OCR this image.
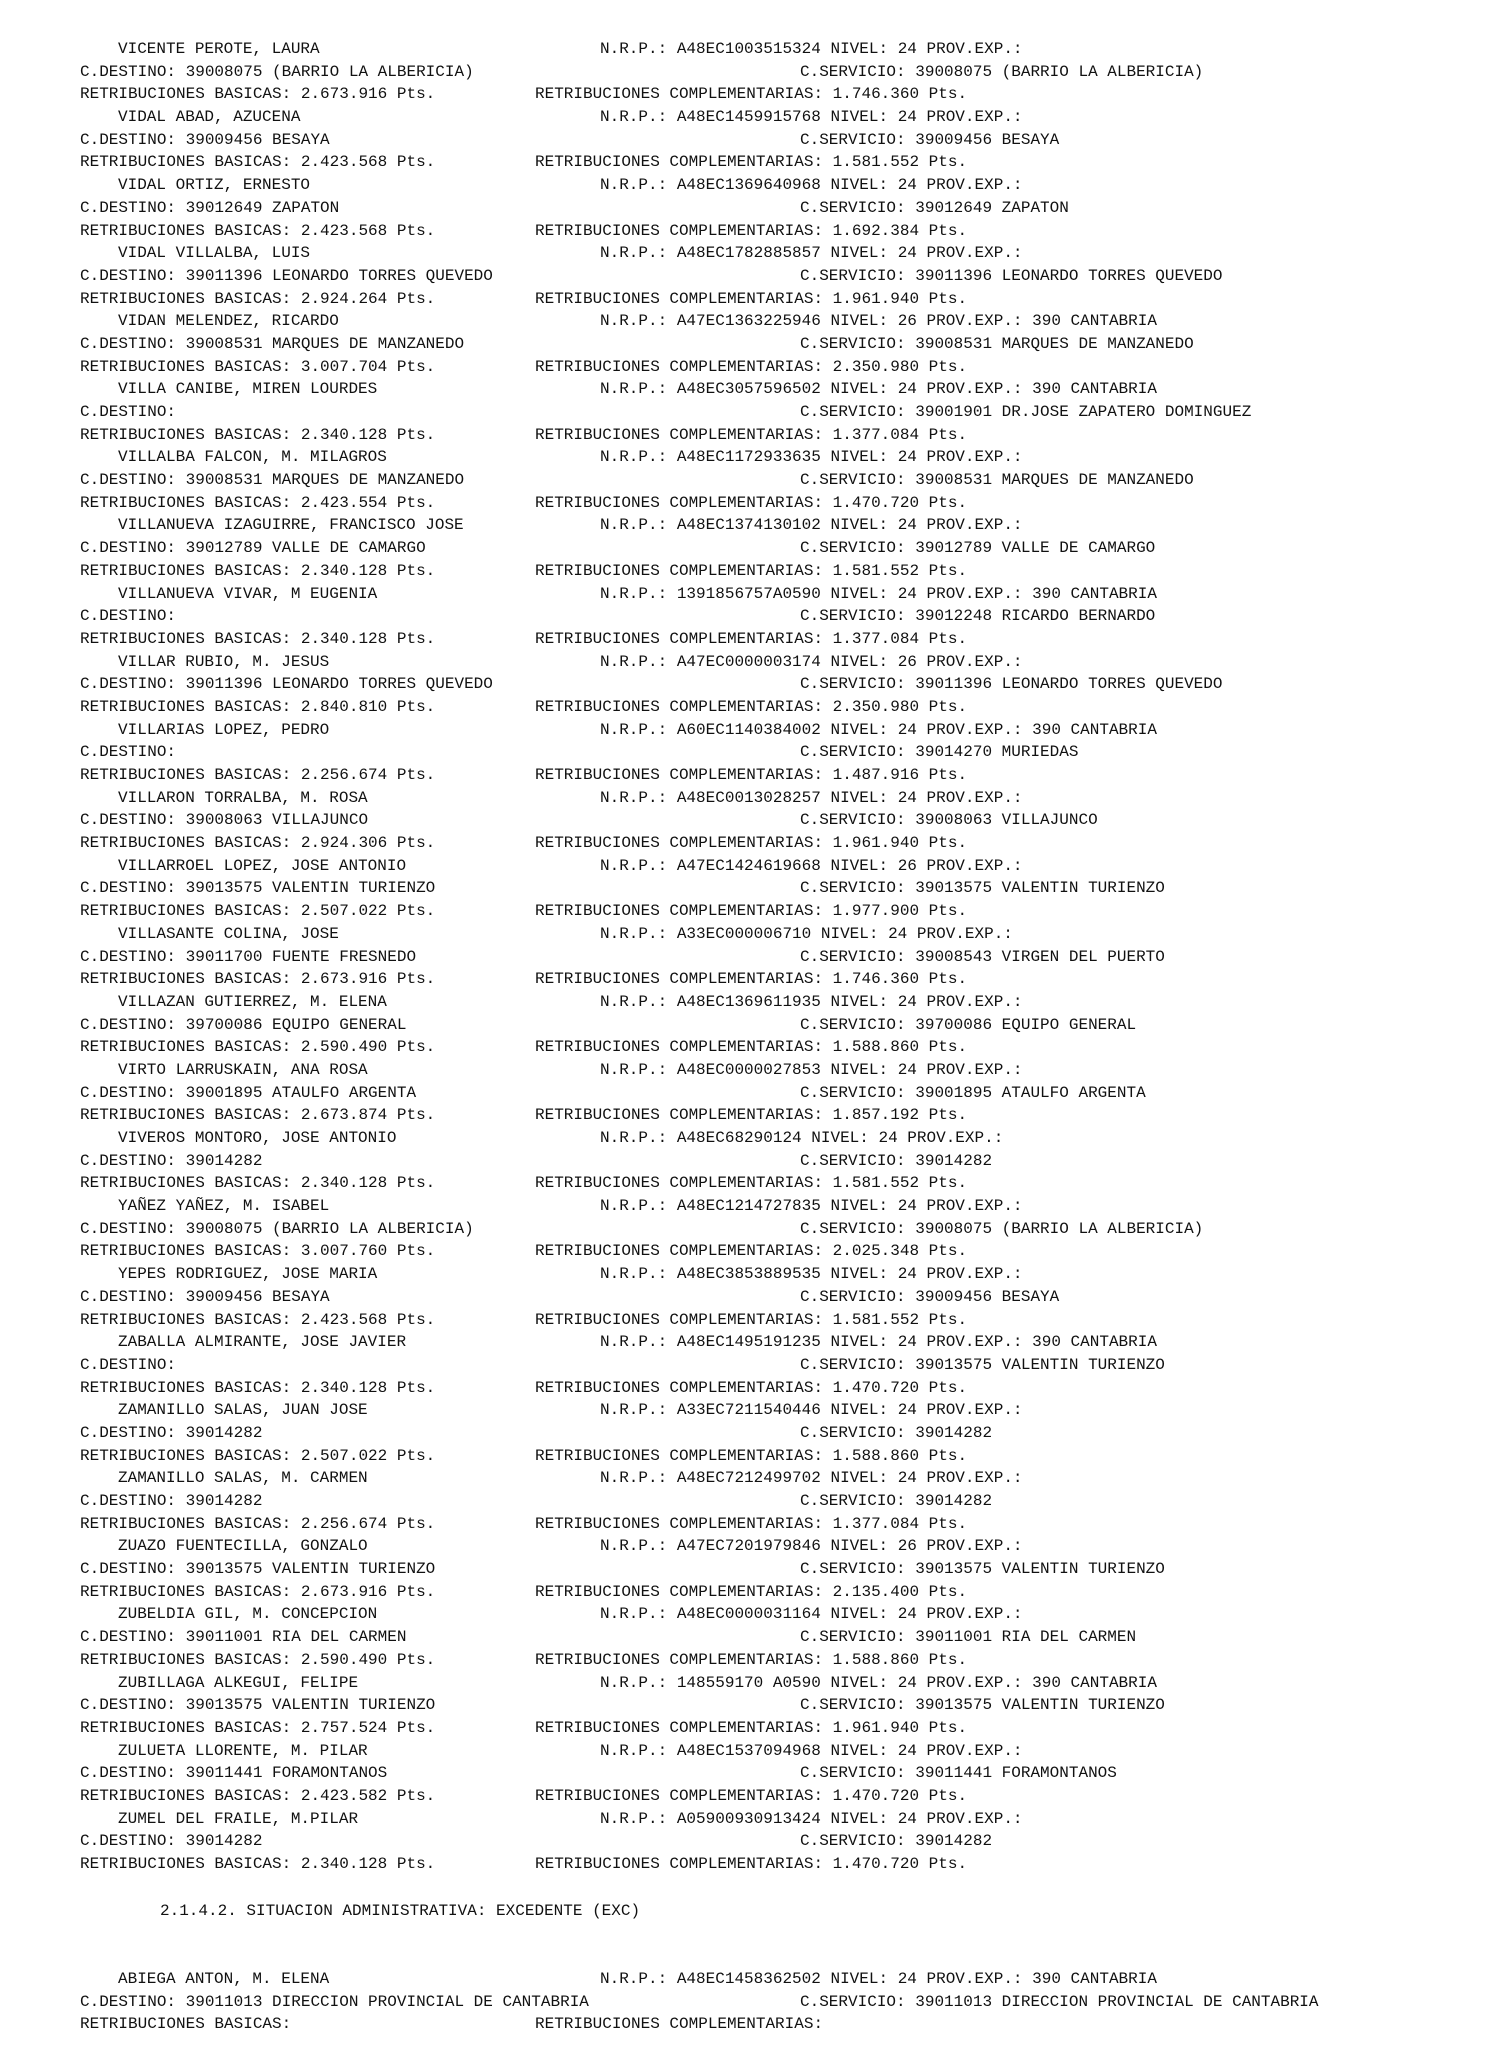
VICENTE PEROTE, LAURA	N.R.P.: A48EC1003515324 NIVEL: 24 PROV.EXP.:
C.DESTINO: 39008075 (BARRIO LA ALBERICIA)	C.SERVICIO: 39008075 (BARRIO LA ALBERICIA)
RETRIBUCIONES BASICAS: 2.673.916 Pts.	RETRIBUCIONES COMPLEMENTARIAS: 1.746.360 Pts.
VIDAL ABAD, AZUCENA	N.R.P.: A48EC1459915768 NIVEL: 24 PROV.EXP.:
C.DESTINO: 39009456 BESAYA	C.SERVICIO: 39009456 BESAYA
RETRIBUCIONES BASICAS: 2.423.568 Pts.	RETRIBUCIONES COMPLEMENTARIAS: 1.581.552 Pts.
VIDAL ORTIZ, ERNESTO	N.R.P.: A48EC1369640968 NIVEL: 24 PROV.EXP.:
C.DESTINO: 39012649 ZAPATON	C.SERVICIO: 39012649 ZAPATON
RETRIBUCIONES BASICAS: 2.423.568 Pts.	RETRIBUCIONES COMPLEMENTARIAS: 1.692.384 Pts.
VIDAL VILLALBA, LUIS	N.R.P.: A48EC1782885857 NIVEL: 24 PROV.EXP.:
C.DESTINO: 39011396 LEONARDO TORRES QUEVEDO	C.SERVICIO: 39011396 LEONARDO TORRES QUEVEDO
RETRIBUCIONES BASICAS: 2.924.264 Pts.	RETRIBUCIONES COMPLEMENTARIAS: 1.961.940 Pts.
VIDAN MELENDEZ, RICARDO	N.R.P.: A47EC1363225946 NIVEL: 26 PROV.EXP.: 390 CANTABRIA
C.DESTINO: 39008531 MARQUES DE MANZANEDO	C.SERVICIO: 39008531 MARQUES DE MANZANEDO
RETRIBUCIONES BASICAS: 3.007.704 Pts.	RETRIBUCIONES COMPLEMENTARIAS: 2.350.980 Pts.
VILLA CANIBE, MIREN LOURDES	N.R.P.: A48EC3057596502 NIVEL: 24 PROV.EXP.: 390 CANTABRIA
C.DESTINO:	C.SERVICIO: 39001901 DR.JOSE ZAPATERO DOMINGUEZ
RETRIBUCIONES BASICAS: 2.340.128 Pts.	RETRIBUCIONES COMPLEMENTARIAS: 1.377.084 Pts.
VILLALBA FALCON, M. MILAGROS	N.R.P.: A48EC1172933635 NIVEL: 24 PROV.EXP.:
C.DESTINO: 39008531 MARQUES DE MANZANEDO	C.SERVICIO: 39008531 MARQUES DE MANZANEDO
RETRIBUCIONES BASICAS: 2.423.554 Pts.	RETRIBUCIONES COMPLEMENTARIAS: 1.470.720 Pts.
VILLANUEVA IZAGUIRRE, FRANCISCO JOSE	N.R.P.: A48EC1374130102 NIVEL: 24 PROV.EXP.:
C.DESTINO: 39012789 VALLE DE CAMARGO	C.SERVICIO: 39012789 VALLE DE CAMARGO
RETRIBUCIONES BASICAS: 2.340.128 Pts.	RETRIBUCIONES COMPLEMENTARIAS: 1.581.552 Pts.
VILLANUEVA VIVAR, M EUGENIA	N.R.P.: 1391856757A0590 NIVEL: 24 PROV.EXP.: 390 CANTABRIA
C.DESTINO:	C.SERVICIO: 39012248 RICARDO BERNARDO
RETRIBUCIONES BASICAS: 2.340.128 Pts.	RETRIBUCIONES COMPLEMENTARIAS: 1.377.084 Pts.
VILLAR RUBIO, M. JESUS	N.R.P.: A47EC0000003174 NIVEL: 26 PROV.EXP.:
C.DESTINO: 39011396 LEONARDO TORRES QUEVEDO	C.SERVICIO: 39011396 LEONARDO TORRES QUEVEDO
RETRIBUCIONES BASICAS: 2.840.810 Pts.	RETRIBUCIONES COMPLEMENTARIAS: 2.350.980 Pts.
VILLARIAS LOPEZ, PEDRO	N.R.P.: A60EC1140384002 NIVEL: 24 PROV.EXP.: 390 CANTABRIA
C.DESTINO:	C.SERVICIO: 39014270 MURIEDAS
RETRIBUCIONES BASICAS: 2.256.674 Pts.	RETRIBUCIONES COMPLEMENTARIAS: 1.487.916 Pts.
VILLARON TORRALBA, M. ROSA	N.R.P.: A48EC0013028257 NIVEL: 24 PROV.EXP.:
C.DESTINO: 39008063 VILLAJUNCO	C.SERVICIO: 39008063 VILLAJUNCO
RETRIBUCIONES BASICAS: 2.924.306 Pts.	RETRIBUCIONES COMPLEMENTARIAS: 1.961.940 Pts.
VILLARROEL LOPEZ, JOSE ANTONIO	N.R.P.: A47EC1424619668 NIVEL: 26 PROV.EXP.:
C.DESTINO: 39013575 VALENTIN TURIENZO	C.SERVICIO: 39013575 VALENTIN TURIENZO
RETRIBUCIONES BASICAS: 2.507.022 Pts.	RETRIBUCIONES COMPLEMENTARIAS: 1.977.900 Pts.
VILLASANTE COLINA, JOSE	N.R.P.: A33EC000006710 NIVEL: 24 PROV.EXP.:
C.DESTINO: 39011700 FUENTE FRESNEDO	C.SERVICIO: 39008543 VIRGEN DEL PUERTO
RETRIBUCIONES BASICAS: 2.673.916 Pts.	RETRIBUCIONES COMPLEMENTARIAS: 1.746.360 Pts.
VILLAZAN GUTIERREZ, M. ELENA	N.R.P.: A48EC1369611935 NIVEL: 24 PROV.EXP.:
C.DESTINO: 39700086 EQUIPO GENERAL	C.SERVICIO: 39700086 EQUIPO GENERAL
RETRIBUCIONES BASICAS: 2.590.490 Pts.	RETRIBUCIONES COMPLEMENTARIAS: 1.588.860 Pts.
VIRTO LARRUSKAIN, ANA ROSA	N.R.P.: A48EC0000027853 NIVEL: 24 PROV.EXP.:
C.DESTINO: 39001895 ATAULFO ARGENTA	C.SERVICIO: 39001895 ATAULFO ARGENTA
RETRIBUCIONES BASICAS: 2.673.874 Pts.	RETRIBUCIONES COMPLEMENTARIAS: 1.857.192 Pts.
VIVEROS MONTORO, JOSE ANTONIO	N.R.P.: A48EC68290124 NIVEL: 24 PROV.EXP.:
C.DESTINO: 39014282	C.SERVICIO: 39014282
RETRIBUCIONES BASICAS: 2.340.128 Pts.	RETRIBUCIONES COMPLEMENTARIAS: 1.581.552 Pts.
YAÑEZ YAÑEZ, M. ISABEL	N.R.P.: A48EC1214727835 NIVEL: 24 PROV.EXP.:
C.DESTINO: 39008075 (BARRIO LA ALBERICIA)	C.SERVICIO: 39008075 (BARRIO LA ALBERICIA)
RETRIBUCIONES BASICAS: 3.007.760 Pts.	RETRIBUCIONES COMPLEMENTARIAS: 2.025.348 Pts.
YEPES RODRIGUEZ, JOSE MARIA	N.R.P.: A48EC3853889535 NIVEL: 24 PROV.EXP.:
C.DESTINO: 39009456 BESAYA	C.SERVICIO: 39009456 BESAYA
RETRIBUCIONES BASICAS: 2.423.568 Pts.	RETRIBUCIONES COMPLEMENTARIAS: 1.581.552 Pts.
ZABALLA ALMIRANTE, JOSE JAVIER	N.R.P.: A48EC1495191235 NIVEL: 24 PROV.EXP.: 390 CANTABRIA
C.DESTINO:	C.SERVICIO: 39013575 VALENTIN TURIENZO
RETRIBUCIONES BASICAS: 2.340.128 Pts.	RETRIBUCIONES COMPLEMENTARIAS: 1.470.720 Pts.
ZAMANILLO SALAS, JUAN JOSE	N.R.P.: A33EC7211540446 NIVEL: 24 PROV.EXP.:
C.DESTINO: 39014282	C.SERVICIO: 39014282
RETRIBUCIONES BASICAS: 2.507.022 Pts.	RETRIBUCIONES COMPLEMENTARIAS: 1.588.860 Pts.
ZAMANILLO SALAS, M. CARMEN	N.R.P.: A48EC7212499702 NIVEL: 24 PROV.EXP.:
C.DESTINO: 39014282	C.SERVICIO: 39014282
RETRIBUCIONES BASICAS: 2.256.674 Pts.	RETRIBUCIONES COMPLEMENTARIAS: 1.377.084 Pts.
ZUAZO FUENTECILLA, GONZALO	N.R.P.: A47EC7201979846 NIVEL: 26 PROV.EXP.:
C.DESTINO: 39013575 VALENTIN TURIENZO	C.SERVICIO: 39013575 VALENTIN TURIENZO
RETRIBUCIONES BASICAS: 2.673.916 Pts.	RETRIBUCIONES COMPLEMENTARIAS: 2.135.400 Pts.
ZUBELDIA GIL, M. CONCEPCION	N.R.P.: A48EC0000031164 NIVEL: 24 PROV.EXP.:
C.DESTINO: 39011001 RIA DEL CARMEN	C.SERVICIO: 39011001 RIA DEL CARMEN
RETRIBUCIONES BASICAS: 2.590.490 Pts.	RETRIBUCIONES COMPLEMENTARIAS: 1.588.860 Pts.
ZUBILLAGA ALKEGUI, FELIPE	N.R.P.: 148559170 A0590 NIVEL: 24 PROV.EXP.: 390 CANTABRIA
C.DESTINO: 39013575 VALENTIN TURIENZO	C.SERVICIO: 39013575 VALENTIN TURIENZO
RETRIBUCIONES BASICAS: 2.757.524 Pts.	RETRIBUCIONES COMPLEMENTARIAS: 1.961.940 Pts.
ZULUETA LLORENTE, M. PILAR	N.R.P.: A48EC1537094968 NIVEL: 24 PROV.EXP.:
C.DESTINO: 39011441 FORAMONTANOS	C.SERVICIO: 39011441 FORAMONTANOS
RETRIBUCIONES BASICAS: 2.423.582 Pts.	RETRIBUCIONES COMPLEMENTARIAS: 1.470.720 Pts.
ZUMEL DEL FRAILE, M.PILAR	N.R.P.: A05900930913424 NIVEL: 24 PROV.EXP.:
C.DESTINO: 39014282	C.SERVICIO: 39014282
RETRIBUCIONES BASICAS: 2.340.128 Pts.	RETRIBUCIONES COMPLEMENTARIAS: 1.470.720 Pts.
2.1.4.2. SITUACION ADMINISTRATIVA: EXCEDENTE (EXC)
ABIEGA ANTON, M. ELENA	N.R.P.: A48EC1458362502 NIVEL: 24 PROV.EXP.: 390 CANTABRIA
C.DESTINO: 39011013 DIRECCION PROVINCIAL DE CANTABRIA	C.SERVICIO: 39011013 DIRECCION PROVINCIAL DE CANTABRIA
RETRIBUCIONES BASICAS:	RETRIBUCIONES COMPLEMENTARIAS:
